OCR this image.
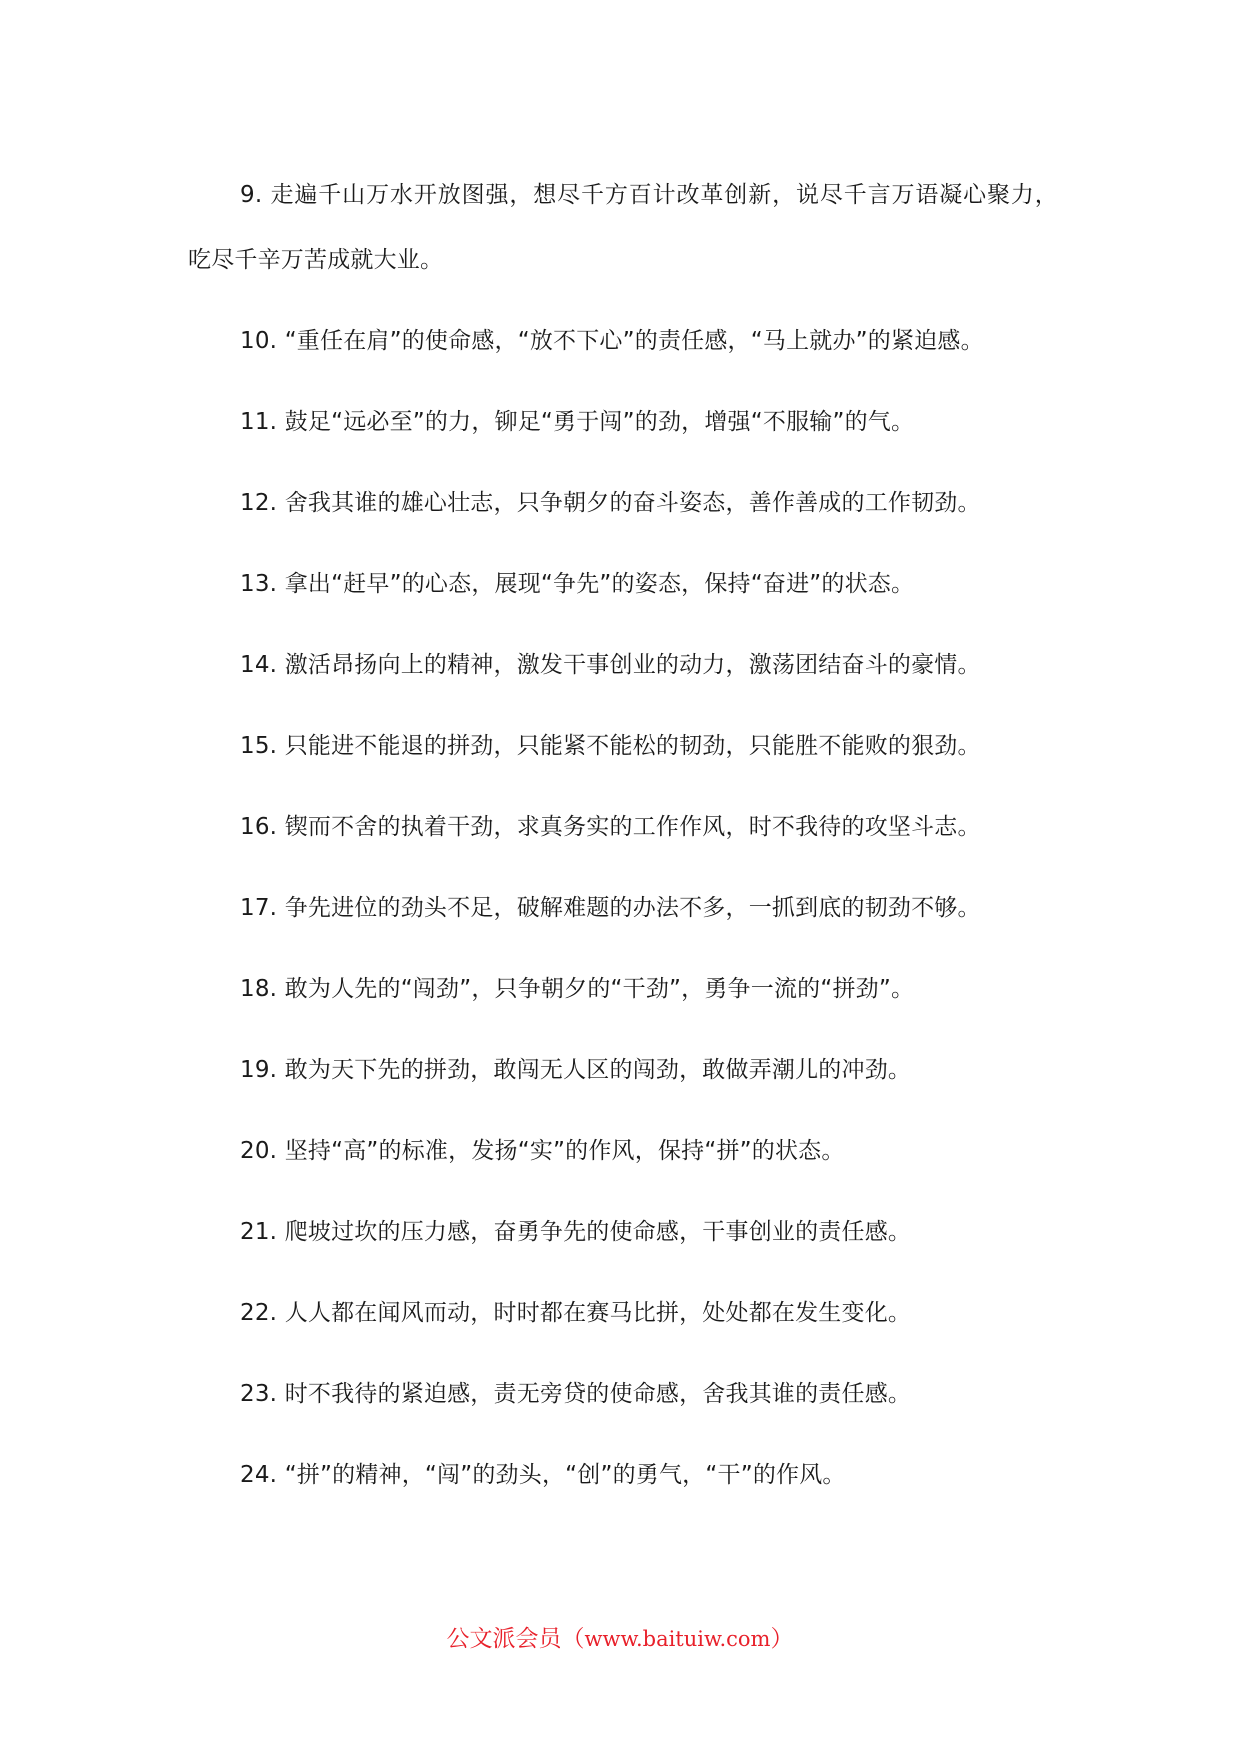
9. 走遍千山万水开放图强，想尽千方百计改革创新，说尽千言万语凝心聚力，吃尽千辛万苦成就大业。

10. “重任在肩”的使命感，“放不下心”的责任感，“马上就办”的紧迫感。

11. 鼓足“远必至”的力，铆足“勇于闯”的劲，增强“不服输”的气。

12. 舍我其谁的雄心壮志，只争朝夕的奋斗姿态，善作善成的工作韧劲。

13. 拿出“赶早”的心态，展现“争先”的姿态，保持“奋进”的状态。

14. 激活昂扬向上的精神，激发干事创业的动力，激荡团结奋斗的豪情。

15. 只能进不能退的拼劲，只能紧不能松的韧劲，只能胜不能败的狠劲。

16. 锲而不舍的执着干劲，求真务实的工作作风，时不我待的攻坚斗志。

17. 争先进位的劲头不足，破解难题的办法不多，一抓到底的韧劲不够。

18. 敢为人先的“闯劲”，只争朝夕的“干劲”，勇争一流的“拼劲”。

19. 敢为天下先的拼劲，敢闯无人区的闯劲，敢做弄潮儿的冲劲。

20. 坚持“高”的标准，发扬“实”的作风，保持“拼”的状态。

21. 爬坡过坎的压力感，奋勇争先的使命感，干事创业的责任感。

22. 人人都在闻风而动，时时都在赛马比拼，处处都在发生变化。

23. 时不我待的紧迫感，责无旁贷的使命感，舍我其谁的责任感。

24. “拼”的精神，“闯”的劲头，“创”的勇气，“干”的作风。

公文派会员（www.baituiw.com）
